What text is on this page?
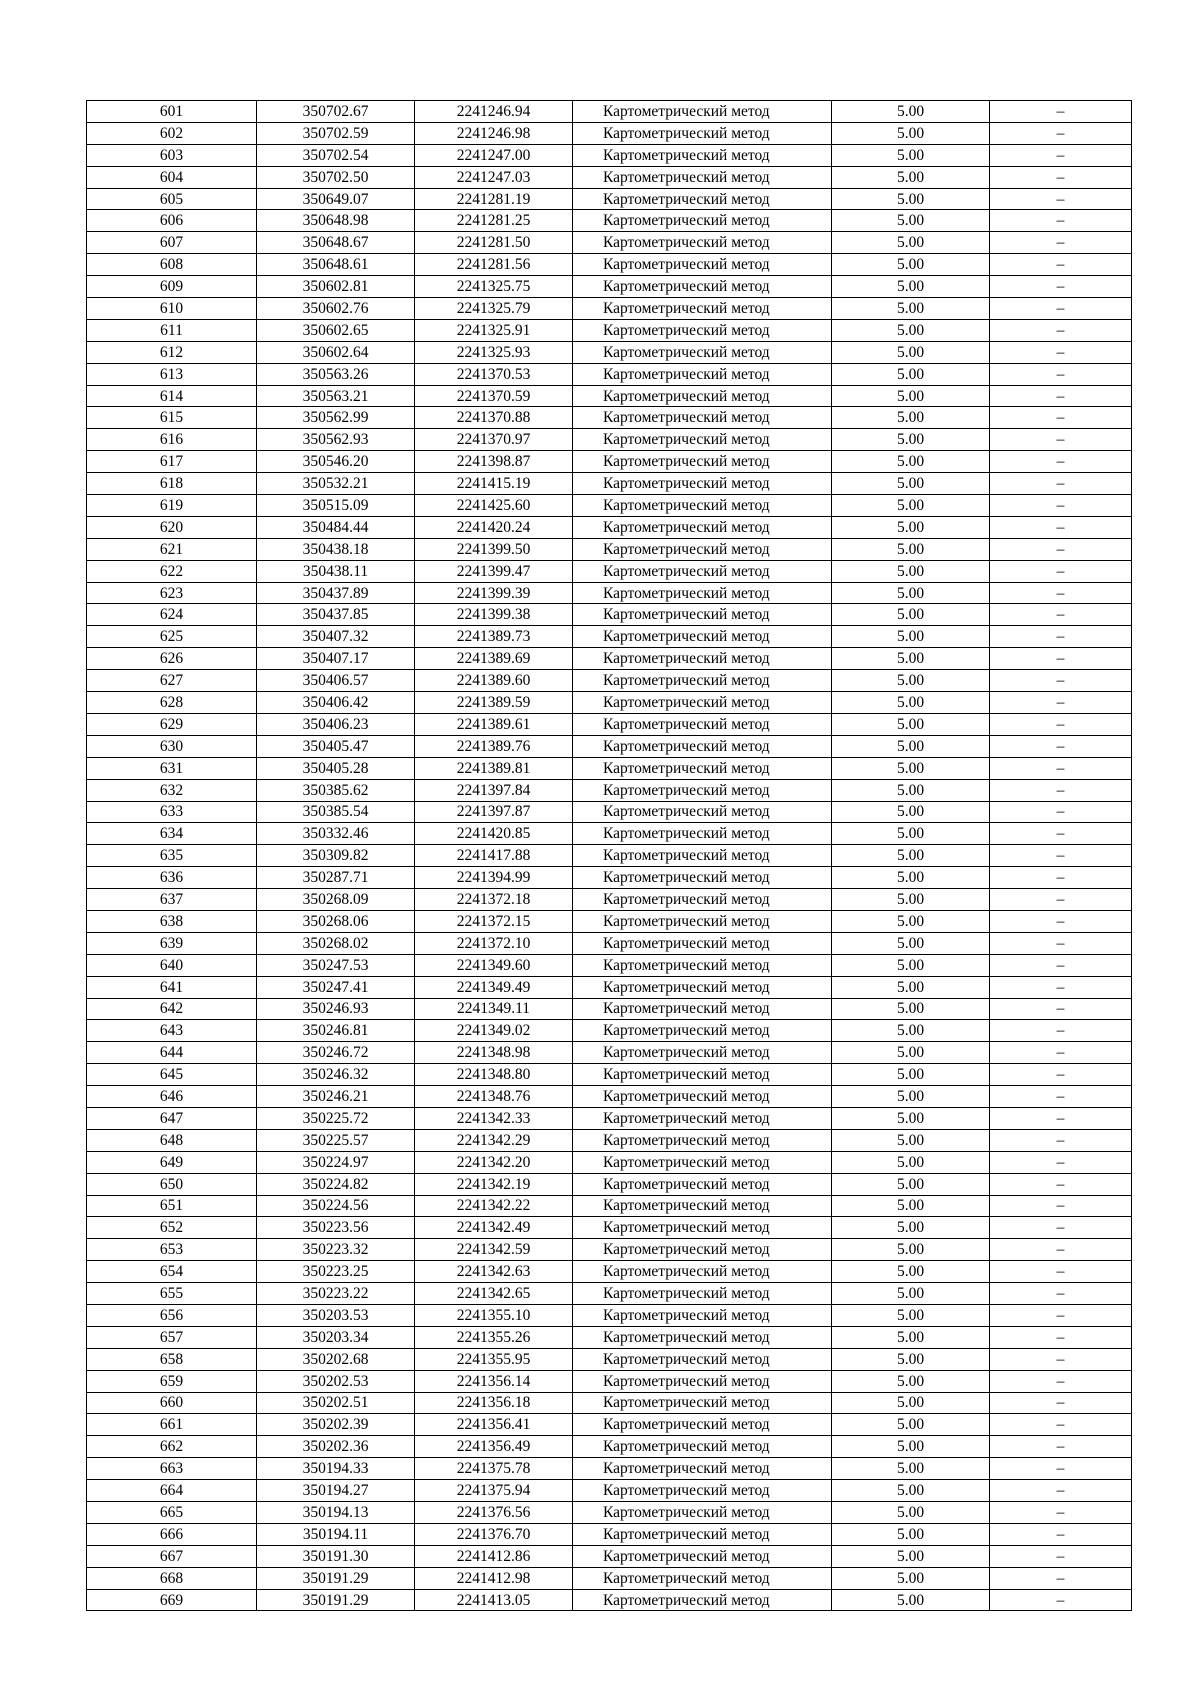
601	350702.67	2241246.94	Картометрический метод	5.00	–
602	350702.59	2241246.98	Картометрический метод	5.00	–
603	350702.54	2241247.00	Картометрический метод	5.00	–
604	350702.50	2241247.03	Картометрический метод	5.00	–
605	350649.07	2241281.19	Картометрический метод	5.00	–
606	350648.98	2241281.25	Картометрический метод	5.00	–
607	350648.67	2241281.50	Картометрический метод	5.00	–
608	350648.61	2241281.56	Картометрический метод	5.00	–
609	350602.81	2241325.75	Картометрический метод	5.00	–
610	350602.76	2241325.79	Картометрический метод	5.00	–
611	350602.65	2241325.91	Картометрический метод	5.00	–
612	350602.64	2241325.93	Картометрический метод	5.00	–
613	350563.26	2241370.53	Картометрический метод	5.00	–
614	350563.21	2241370.59	Картометрический метод	5.00	–
615	350562.99	2241370.88	Картометрический метод	5.00	–
616	350562.93	2241370.97	Картометрический метод	5.00	–
617	350546.20	2241398.87	Картометрический метод	5.00	–
618	350532.21	2241415.19	Картометрический метод	5.00	–
619	350515.09	2241425.60	Картометрический метод	5.00	–
620	350484.44	2241420.24	Картометрический метод	5.00	–
621	350438.18	2241399.50	Картометрический метод	5.00	–
622	350438.11	2241399.47	Картометрический метод	5.00	–
623	350437.89	2241399.39	Картометрический метод	5.00	–
624	350437.85	2241399.38	Картометрический метод	5.00	–
625	350407.32	2241389.73	Картометрический метод	5.00	–
626	350407.17	2241389.69	Картометрический метод	5.00	–
627	350406.57	2241389.60	Картометрический метод	5.00	–
628	350406.42	2241389.59	Картометрический метод	5.00	–
629	350406.23	2241389.61	Картометрический метод	5.00	–
630	350405.47	2241389.76	Картометрический метод	5.00	–
631	350405.28	2241389.81	Картометрический метод	5.00	–
632	350385.62	2241397.84	Картометрический метод	5.00	–
633	350385.54	2241397.87	Картометрический метод	5.00	–
634	350332.46	2241420.85	Картометрический метод	5.00	–
635	350309.82	2241417.88	Картометрический метод	5.00	–
636	350287.71	2241394.99	Картометрический метод	5.00	–
637	350268.09	2241372.18	Картометрический метод	5.00	–
638	350268.06	2241372.15	Картометрический метод	5.00	–
639	350268.02	2241372.10	Картометрический метод	5.00	–
640	350247.53	2241349.60	Картометрический метод	5.00	–
641	350247.41	2241349.49	Картометрический метод	5.00	–
642	350246.93	2241349.11	Картометрический метод	5.00	–
643	350246.81	2241349.02	Картометрический метод	5.00	–
644	350246.72	2241348.98	Картометрический метод	5.00	–
645	350246.32	2241348.80	Картометрический метод	5.00	–
646	350246.21	2241348.76	Картометрический метод	5.00	–
647	350225.72	2241342.33	Картометрический метод	5.00	–
648	350225.57	2241342.29	Картометрический метод	5.00	–
649	350224.97	2241342.20	Картометрический метод	5.00	–
650	350224.82	2241342.19	Картометрический метод	5.00	–
651	350224.56	2241342.22	Картометрический метод	5.00	–
652	350223.56	2241342.49	Картометрический метод	5.00	–
653	350223.32	2241342.59	Картометрический метод	5.00	–
654	350223.25	2241342.63	Картометрический метод	5.00	–
655	350223.22	2241342.65	Картометрический метод	5.00	–
656	350203.53	2241355.10	Картометрический метод	5.00	–
657	350203.34	2241355.26	Картометрический метод	5.00	–
658	350202.68	2241355.95	Картометрический метод	5.00	–
659	350202.53	2241356.14	Картометрический метод	5.00	–
660	350202.51	2241356.18	Картометрический метод	5.00	–
661	350202.39	2241356.41	Картометрический метод	5.00	–
662	350202.36	2241356.49	Картометрический метод	5.00	–
663	350194.33	2241375.78	Картометрический метод	5.00	–
664	350194.27	2241375.94	Картометрический метод	5.00	–
665	350194.13	2241376.56	Картометрический метод	5.00	–
666	350194.11	2241376.70	Картометрический метод	5.00	–
667	350191.30	2241412.86	Картометрический метод	5.00	–
668	350191.29	2241412.98	Картометрический метод	5.00	–
669	350191.29	2241413.05	Картометрический метод	5.00	–
